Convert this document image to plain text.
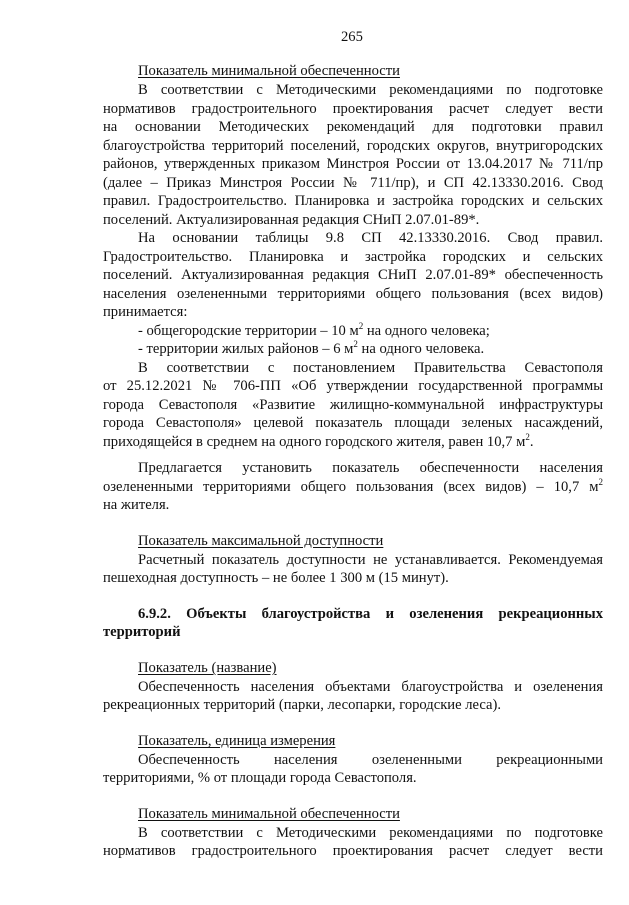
265
Показатель минимальной обеспеченности
В соответствии с Методическими рекомендациями по подготовке
нормативов градостроительного проектирования расчет следует вести
на основании Методических рекомендаций для подготовки правил
благоустройства территорий поселений, городских округов, внутригородских
районов, утвержденных приказом Минстроя России от 13.04.2017 № 711/пр
(далее – Приказ Минстроя России № 711/пр), и СП 42.13330.2016. Свод
правил. Градостроительство. Планировка и застройка городских и сельских
поселений. Актуализированная редакция СНиП 2.07.01-89*.
На основании таблицы 9.8 СП 42.13330.2016. Свод правил.
Градостроительство. Планировка и застройка городских и сельских
поселений. Актуализированная редакция СНиП 2.07.01-89* обеспеченность
населения озелененными территориями общего пользования (всех видов)
принимается:
- общегородские территории – 10 $м^2$ на одного человека;
- территории жилых районов – 6 $м^2$ на одного человека.
В соответствии с постановлением Правительства Севастополя
от 25.12.2021 № 706-ПП «Об утверждении государственной программы
города Севастополя «Развитие жилищно-коммунальной инфраструктуры
города Севастополя» целевой показатель площади зеленых насаждений,
приходящейся в среднем на одного городского жителя, равен 10,7 $м^2$.
Предлагается установить показатель обеспеченности населения
озелененными территориями общего пользования (всех видов) – 10,7 $м^2$
на жителя.
Показатель максимальной доступности
Расчетный показатель доступности не устанавливается. Рекомендуемая
пешеходная доступность – не более 1 300 м (15 минут).
6.9.2. Объекты благоустройства и озеленения рекреационных
территорий
Показатель (название)
Обеспеченность населения объектами благоустройства и озеленения
рекреационных территорий (парки, лесопарки, городские леса).
Показатель, единица измерения
Обеспеченность населения озелененными рекреационными
территориями, % от площади города Севастополя.
Показатель минимальной обеспеченности
В соответствии с Методическими рекомендациями по подготовке
нормативов градостроительного проектирования расчет следует вести
